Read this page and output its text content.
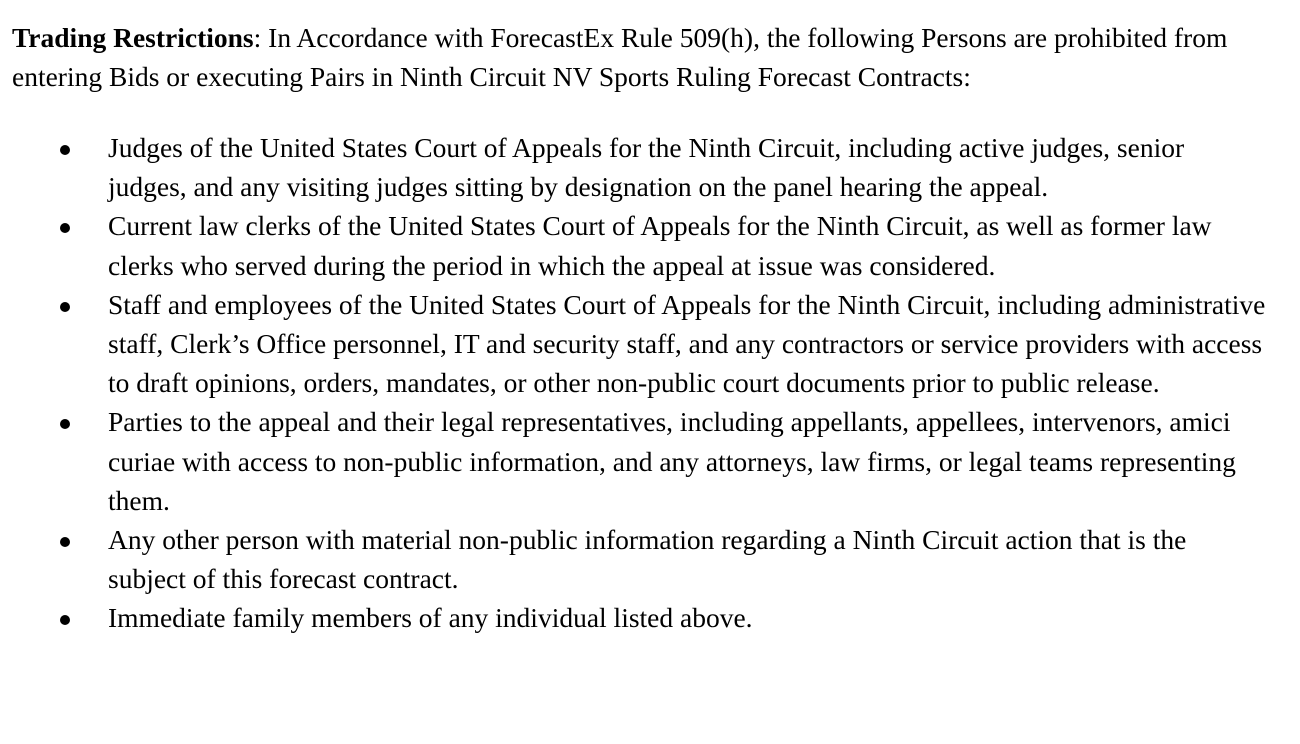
Trading Restrictions: In Accordance with ForecastEx Rule 509(h), the following Persons are prohibited from entering Bids or executing Pairs in Ninth Circuit NV Sports Ruling Forecast Contracts:

Judges of the United States Court of Appeals for the Ninth Circuit, including active judges, senior judges, and any visiting judges sitting by designation on the panel hearing the appeal.
Current law clerks of the United States Court of Appeals for the Ninth Circuit, as well as former law clerks who served during the period in which the appeal at issue was considered.
Staff and employees of the United States Court of Appeals for the Ninth Circuit, including administrative staff, Clerk’s Office personnel, IT and security staff, and any contractors or service providers with access to draft opinions, orders, mandates, or other non-public court documents prior to public release.
Parties to the appeal and their legal representatives, including appellants, appellees, intervenors, amici curiae with access to non-public information, and any attorneys, law firms, or legal teams representing them.
Any other person with material non-public information regarding a Ninth Circuit action that is the subject of this forecast contract.
Immediate family members of any individual listed above.
